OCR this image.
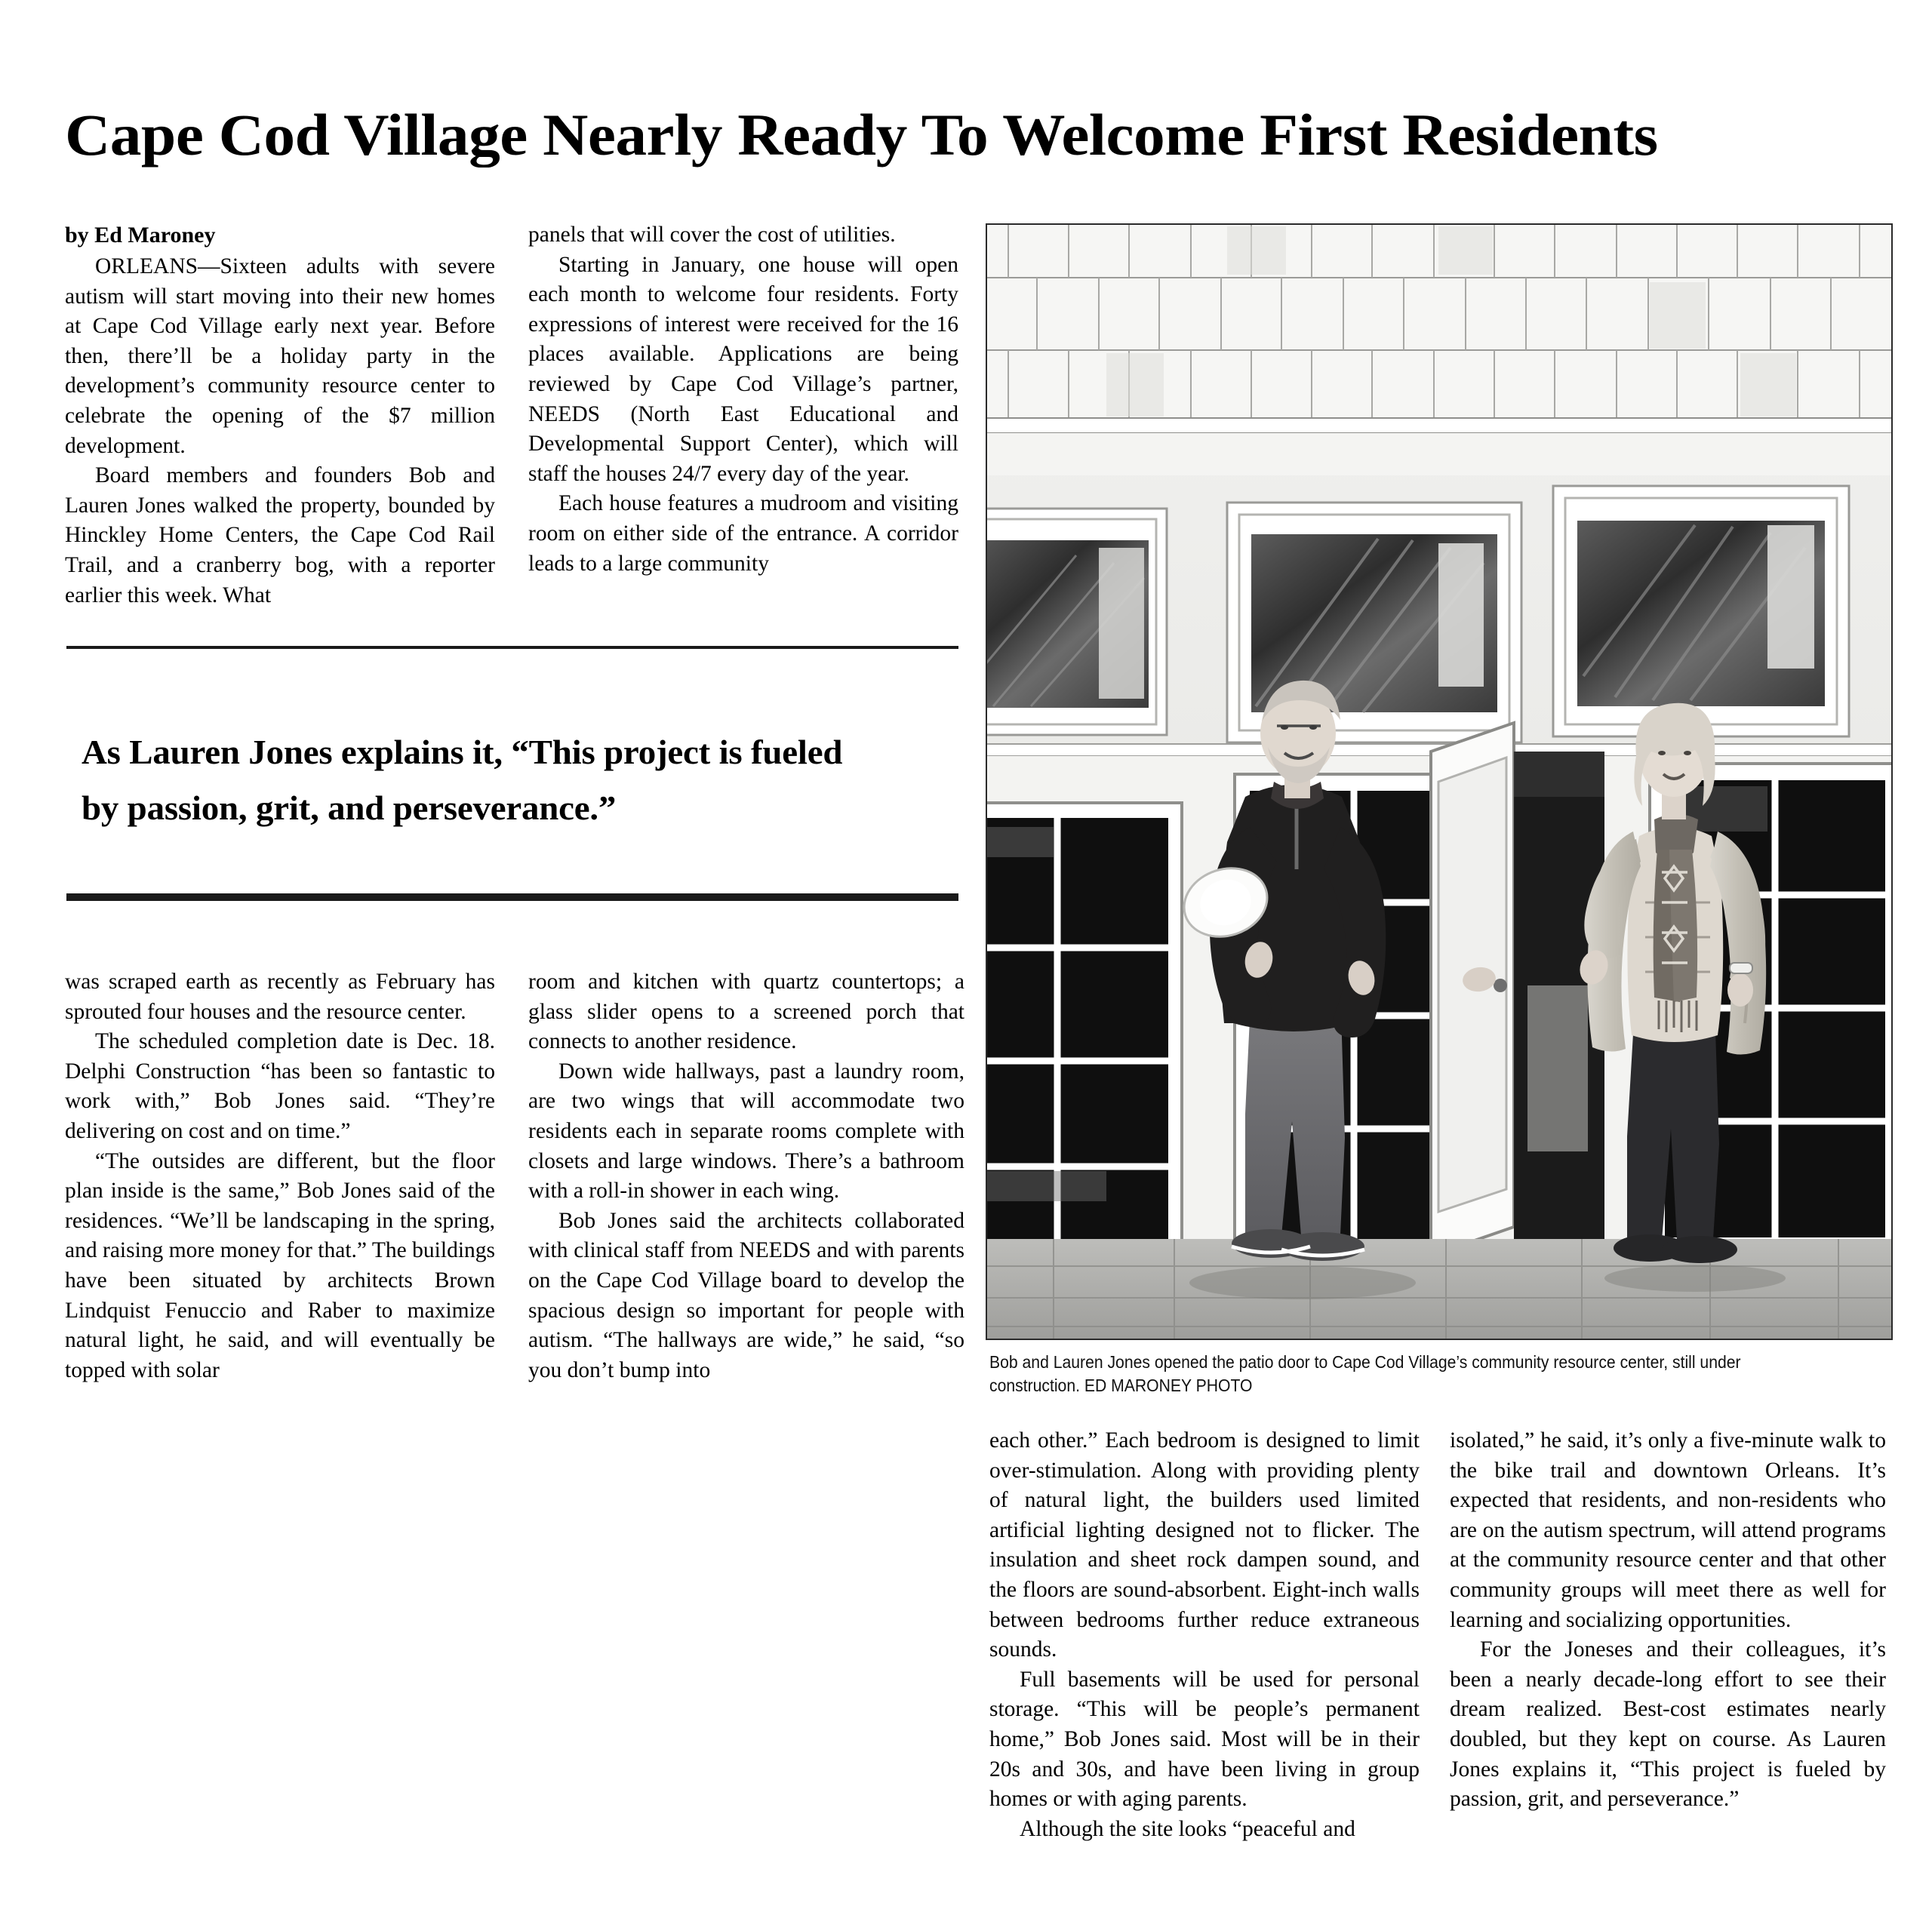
Cape Cod Village Nearly Ready To Welcome First Residents

by Ed Maroney

ORLEANS—Sixteen adults with severe autism will start moving into their new homes at Cape Cod Village early next year. Before then, there’ll be a holiday party in the development’s community resource center to celebrate the opening of the $7 million development.

Board members and founders Bob and Lauren Jones walked the property, bounded by Hinckley Home Centers, the Cape Cod Rail Trail, and a cranberry bog, with a reporter earlier this week. What

panels that will cover the cost of utilities.

Starting in January, one house will open each month to welcome four residents. Forty expressions of interest were received for the 16 places available. Applications are being reviewed by Cape Cod Village’s partner, NEEDS (North East Educational and Developmental Support Center), which will staff the houses 24/7 every day of the year.

Each house features a mudroom and visiting room on either side of the entrance. A corridor leads to a large community

As Lauren Jones explains it, “This project is fueled
by passion, grit, and perseverance.”

was scraped earth as recently as February has sprouted four houses and the resource center.

The scheduled completion date is Dec. 18. Delphi Construction “has been so fantastic to work with,” Bob Jones said. “They’re delivering on cost and on time.”

“The outsides are different, but the floor plan inside is the same,” Bob Jones said of the residences. “We’ll be landscaping in the spring, and raising more money for that.” The buildings have been situated by architects Brown Lindquist Fenuccio and Raber to maximize natural light, he said, and will eventually be topped with solar

room and kitchen with quartz countertops; a glass slider opens to a screened porch that connects to another residence.

Down wide hallways, past a laundry room, are two wings that will accommodate two residents each in separate rooms complete with closets and large windows. There’s a bathroom with a roll-in shower in each wing.

Bob Jones said the architects collaborated with clinical staff from NEEDS and with parents on the Cape Cod Village board to develop the spacious design so important for people with autism. “The hallways are wide,” he said, “so you don’t bump into	Bob and Lauren Jones opened the patio door to Cape Cod Village’s community resource center, still under construction. ED MARONEY PHOTO

each other.” Each bedroom is designed to limit over-stimulation. Along with providing plenty of natural light, the builders used limited artificial lighting designed not to flicker. The insulation and sheet rock dampen sound, and the floors are sound-absorbent. Eight-inch walls between bedrooms further reduce extraneous sounds.

Full basements will be used for personal storage. “This will be people’s permanent home,” Bob Jones said. Most will be in their 20s and 30s, and have been living in group homes or with aging parents.

Although the site looks “peaceful and

isolated,” he said, it’s only a five-minute walk to the bike trail and downtown Orleans. It’s expected that residents, and non-residents who are on the autism spectrum, will attend programs at the community resource center and that other community groups will meet there as well for learning and socializing opportunities.

For the Joneses and their colleagues, it’s been a nearly decade-long effort to see their dream realized. Best-cost estimates nearly doubled, but they kept on course. As Lauren Jones explains it, “This project is fueled by passion, grit, and perseverance.”
